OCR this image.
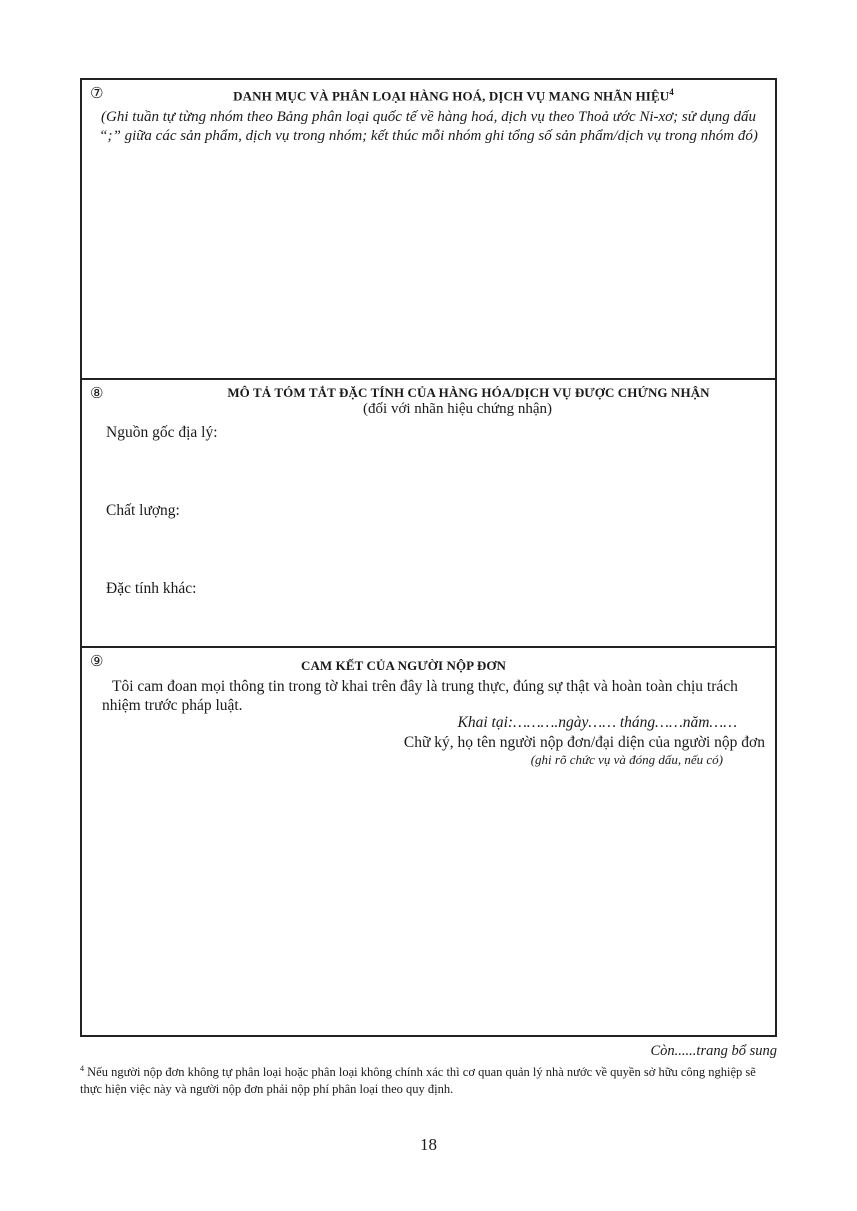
⑦	DANH MỤC VÀ PHÂN LOẠI HÀNG HOÁ, DỊCH VỤ MANG NHÃN HIỆU$^4$
(Ghi tuần tự từng nhóm theo Bảng phân loại quốc tế về hàng hoá, dịch vụ theo Thoả ước Ni-xơ; sử dụng dấu “;” giữa các sản phẩm, dịch vụ trong nhóm; kết thúc mỗi nhóm ghi tổng số sản phẩm/dịch vụ trong nhóm đó)
⑧	MÔ TẢ TÓM TẮT ĐẶC TÍNH CỦA HÀNG HÓA/DỊCH VỤ ĐƯỢC CHỨNG NHẬN
(đối với nhãn hiệu chứng nhận)
Nguồn gốc địa lý:
Chất lượng:
Đặc tính khác:
⑨	CAM KẾT CỦA NGƯỜI NỘP ĐƠN
Tôi cam đoan mọi thông tin trong tờ khai trên đây là trung thực, đúng sự thật và hoàn toàn chịu trách nhiệm trước pháp luật.
Khai tại:……….ngày…… tháng……năm……
Chữ ký, họ tên người nộp đơn/đại diện của người nộp đơn
(ghi rõ chức vụ và đóng dấu, nếu có)
Còn......trang bổ sung
$^4$ Nếu người nộp đơn không tự phân loại hoặc phân loại không chính xác thì cơ quan quản lý nhà nước về quyền sở hữu công nghiệp sẽ thực hiện việc này và người nộp đơn phải nộp phí phân loại theo quy định.
18
